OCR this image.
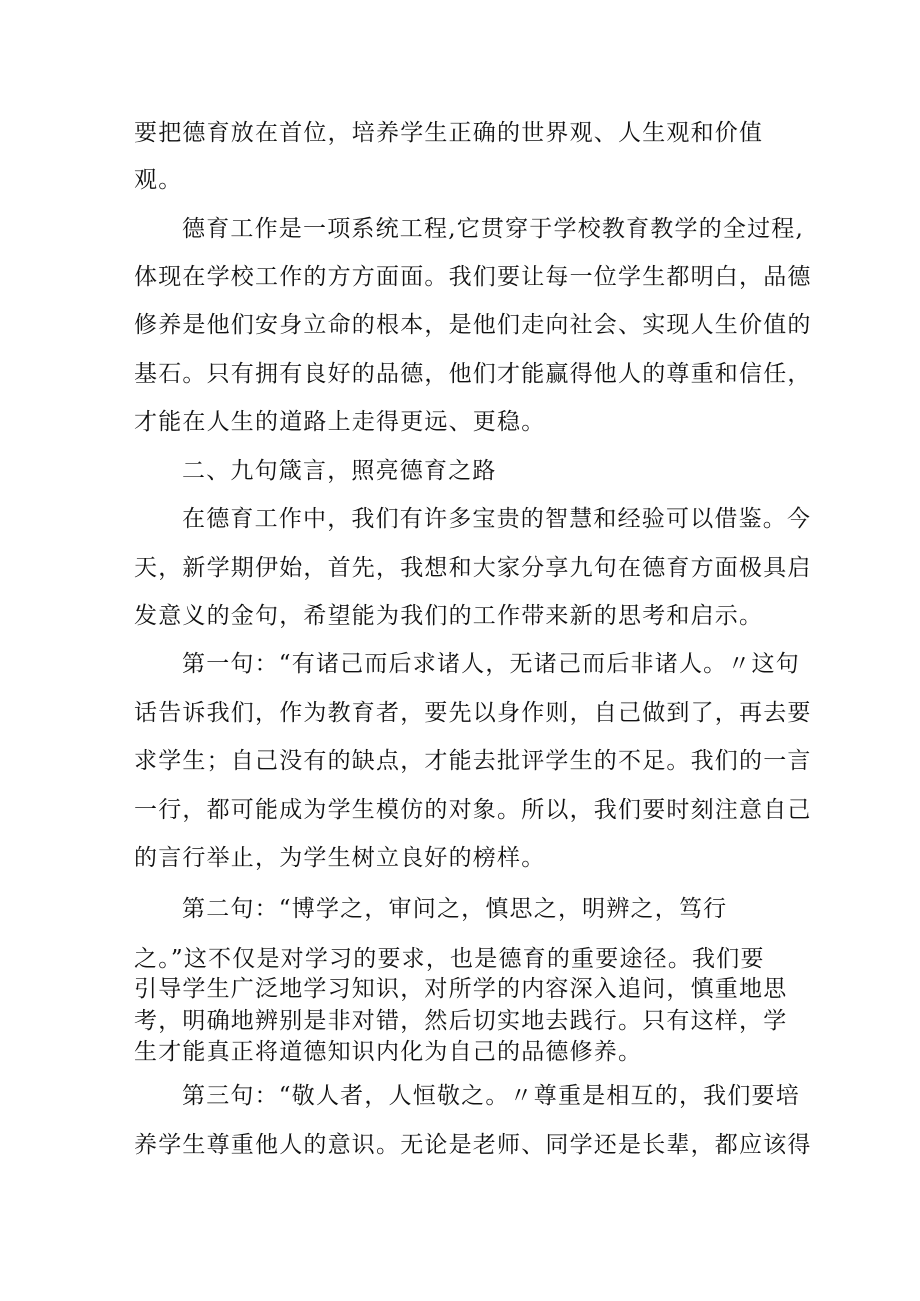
要把德育放在首位，培养学生正确的世界观、人生观和价值
观。
德育工作是一项系统工程,它贯穿于学校教育教学的全过程,
体现在学校工作的方方面面。我们要让每一位学生都明白，品德
修养是他们安身立命的根本，是他们走向社会、实现人生价值的
基石。只有拥有良好的品德，他们才能赢得他人的尊重和信任，
才能在人生的道路上走得更远、更稳。
二、九句箴言，照亮德育之路
在德育工作中，我们有许多宝贵的智慧和经验可以借鉴。今
天，新学期伊始，首先，我想和大家分享九句在德育方面极具启
发意义的金句，希望能为我们的工作带来新的思考和启示。
第一句：“有诸己而后求诸人，无诸己而后非诸人。〃这句
话告诉我们，作为教育者，要先以身作则，自己做到了，再去要
求学生；自己没有的缺点，才能去批评学生的不足。我们的一言
一行，都可能成为学生模仿的对象。所以，我们要时刻注意自己
的言行举止，为学生树立良好的榜样。
第二句：“博学之，审问之，慎思之，明辨之，笃行
之。”这不仅是对学习的要求，也是德育的重要途径。我们要
引导学生广泛地学习知识，对所学的内容深入追问，慎重地思
考，明确地辨别是非对错，然后切实地去践行。只有这样，学
生才能真正将道德知识内化为自己的品德修养。
第三句：“敬人者，人恒敬之。〃尊重是相互的，我们要培
养学生尊重他人的意识。无论是老师、同学还是长辈，都应该得
